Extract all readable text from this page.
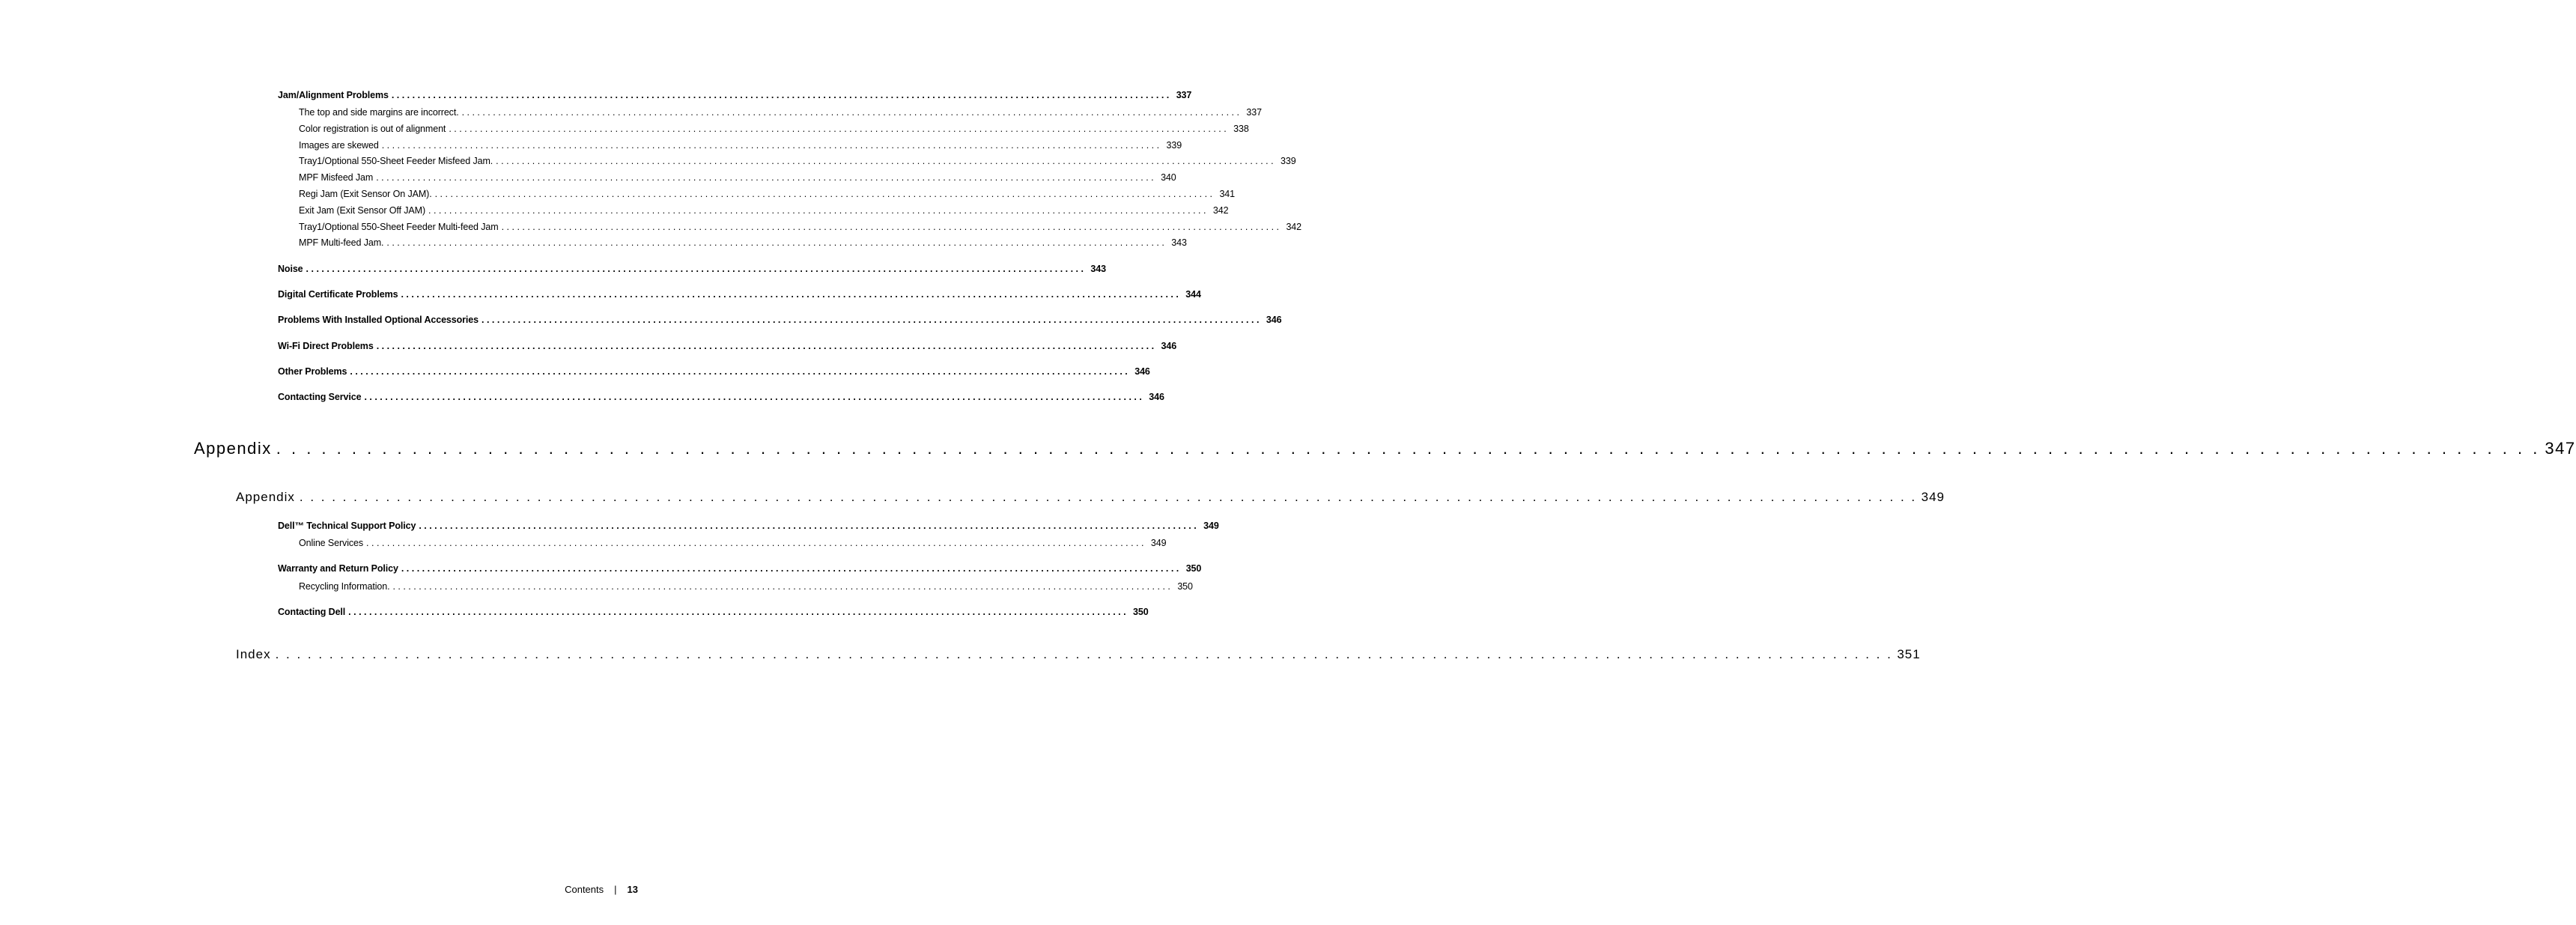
Jam/Alignment Problems . . . . . . . . . . . . . . . . . . . . . . . . . . . . . . . . . . . . . . . . . . . . . . . . . . . . . . . . . . . . . . . . . . . . . . . . . . . . . . . . . . . . . . . . . . . . . . . . . . . . . . . . . . . . . . . . . . . . . . . . . . . . . . . . . . . . . . . . . . . . . . . . . . . . . . 337
The top and side margins are incorrect. . . . . . . . . . . . . . . . . . . . . . . . . . . . . . . . . . . . . . . . . . . . . . . . . . . . . . . . . . . . . . . . . . . . . . . . . . . . . . . . . . . . . . . . . . . . . . . . . . . . . . . . . . . . . . . . . . . . . . . . . . . . . . . . . . . . . . . . . . . . . . . . . . . . . . . 337
Color registration is out of alignment . . . . . . . . . . . . . . . . . . . . . . . . . . . . . . . . . . . . . . . . . . . . . . . . . . . . . . . . . . . . . . . . . . . . . . . . . . . . . . . . . . . . . . . . . . . . . . . . . . . . . . . . . . . . . . . . . . . . . . . . . . . . . . . . . . . . . . . . . . . . . . . . . . . . . . 338
Images are skewed . . . . . . . . . . . . . . . . . . . . . . . . . . . . . . . . . . . . . . . . . . . . . . . . . . . . . . . . . . . . . . . . . . . . . . . . . . . . . . . . . . . . . . . . . . . . . . . . . . . . . . . . . . . . . . . . . . . . . . . . . . . . . . . . . . . . . . . . . . . . . . . . . . . . . . 339
Tray1/Optional 550-Sheet Feeder Misfeed Jam. . . . . . . . . . . . . . . . . . . . . . . . . . . . . . . . . . . . . . . . . . . . . . . . . . . . . . . . . . . . . . . . . . . . . . . . . . . . . . . . . . . . . . . . . . . . . . . . . . . . . . . . . . . . . . . . . . . . . . . . . . . . . . . . . . . . . . . . . . . . . . . . . . . . . . . 339
MPF Misfeed Jam . . . . . . . . . . . . . . . . . . . . . . . . . . . . . . . . . . . . . . . . . . . . . . . . . . . . . . . . . . . . . . . . . . . . . . . . . . . . . . . . . . . . . . . . . . . . . . . . . . . . . . . . . . . . . . . . . . . . . . . . . . . . . . . . . . . . . . . . . . . . . . . . . . . . . . 340
Regi Jam (Exit Sensor On JAM). . . . . . . . . . . . . . . . . . . . . . . . . . . . . . . . . . . . . . . . . . . . . . . . . . . . . . . . . . . . . . . . . . . . . . . . . . . . . . . . . . . . . . . . . . . . . . . . . . . . . . . . . . . . . . . . . . . . . . . . . . . . . . . . . . . . . . . . . . . . . . . . . . . . . . . 341
Exit Jam (Exit Sensor Off JAM) . . . . . . . . . . . . . . . . . . . . . . . . . . . . . . . . . . . . . . . . . . . . . . . . . . . . . . . . . . . . . . . . . . . . . . . . . . . . . . . . . . . . . . . . . . . . . . . . . . . . . . . . . . . . . . . . . . . . . . . . . . . . . . . . . . . . . . . . . . . . . . . . . . . . . . 342
Tray1/Optional 550-Sheet Feeder Multi-feed Jam . . . . . . . . . . . . . . . . . . . . . . . . . . . . . . . . . . . . . . . . . . . . . . . . . . . . . . . . . . . . . . . . . . . . . . . . . . . . . . . . . . . . . . . . . . . . . . . . . . . . . . . . . . . . . . . . . . . . . . . . . . . . . . . . . . . . . . . . . . . . . . . . . . . . . . 342
MPF Multi-feed Jam. . . . . . . . . . . . . . . . . . . . . . . . . . . . . . . . . . . . . . . . . . . . . . . . . . . . . . . . . . . . . . . . . . . . . . . . . . . . . . . . . . . . . . . . . . . . . . . . . . . . . . . . . . . . . . . . . . . . . . . . . . . . . . . . . . . . . . . . . . . . . . . . . . . . . . . 343
Noise . . . . . . . . . . . . . . . . . . . . . . . . . . . . . . . . . . . . . . . . . . . . . . . . . . . . . . . . . . . . . . . . . . . . . . . . . . . . . . . . . . . . . . . . . . . . . . . . . . . . . . . . . . . . . . . . . . . . . . . . . . . . . . . . . . . . . . . . . . . . . . . . . . . . . . 343
Digital Certificate Problems . . . . . . . . . . . . . . . . . . . . . . . . . . . . . . . . . . . . . . . . . . . . . . . . . . . . . . . . . . . . . . . . . . . . . . . . . . . . . . . . . . . . . . . . . . . . . . . . . . . . . . . . . . . . . . . . . . . . . . . . . . . . . . . . . . . . . . . . . . . . . . . . . . . . . . 344
Problems With Installed Optional Accessories . . . . . . . . . . . . . . . . . . . . . . . . . . . . . . . . . . . . . . . . . . . . . . . . . . . . . . . . . . . . . . . . . . . . . . . . . . . . . . . . . . . . . . . . . . . . . . . . . . . . . . . . . . . . . . . . . . . . . . . . . . . . . . . . . . . . . . . . . . . . . . . . . . . . . . 346
Wi-Fi Direct Problems . . . . . . . . . . . . . . . . . . . . . . . . . . . . . . . . . . . . . . . . . . . . . . . . . . . . . . . . . . . . . . . . . . . . . . . . . . . . . . . . . . . . . . . . . . . . . . . . . . . . . . . . . . . . . . . . . . . . . . . . . . . . . . . . . . . . . . . . . . . . . . . . . . . . . . 346
Other Problems . . . . . . . . . . . . . . . . . . . . . . . . . . . . . . . . . . . . . . . . . . . . . . . . . . . . . . . . . . . . . . . . . . . . . . . . . . . . . . . . . . . . . . . . . . . . . . . . . . . . . . . . . . . . . . . . . . . . . . . . . . . . . . . . . . . . . . . . . . . . . . . . . . . . . . 346
Contacting Service . . . . . . . . . . . . . . . . . . . . . . . . . . . . . . . . . . . . . . . . . . . . . . . . . . . . . . . . . . . . . . . . . . . . . . . . . . . . . . . . . . . . . . . . . . . . . . . . . . . . . . . . . . . . . . . . . . . . . . . . . . . . . . . . . . . . . . . . . . . . . . . . . . . . . . 346
Appendix . . . . . . . . . . . . . . . . . . . . . . . . . . . . . . . . . . . . . . . . . . . . . . . . . . . . . . . . . . . . . . . . . . . . . . . . . . . . . . . . . . . . . . . . . . . . . . . . . . . . . . . . . . . . . . . . . . . . . . . . . . . . . . . . . . . . . . . . . . . . . . . . . . . . . . 347
Appendix . . . . . . . . . . . . . . . . . . . . . . . . . . . . . . . . . . . . . . . . . . . . . . . . . . . . . . . . . . . . . . . . . . . . . . . . . . . . . . . . . . . . . . . . . . . . . . . . . . . . . . . . . . . . . . . . . . . . . . . . . . . . . . . . . . . . . . . . . . . . . . . . . . . . . . 349
Dell™ Technical Support Policy . . . . . . . . . . . . . . . . . . . . . . . . . . . . . . . . . . . . . . . . . . . . . . . . . . . . . . . . . . . . . . . . . . . . . . . . . . . . . . . . . . . . . . . . . . . . . . . . . . . . . . . . . . . . . . . . . . . . . . . . . . . . . . . . . . . . . . . . . . . . . . . . . . . . . . 349
Online Services . . . . . . . . . . . . . . . . . . . . . . . . . . . . . . . . . . . . . . . . . . . . . . . . . . . . . . . . . . . . . . . . . . . . . . . . . . . . . . . . . . . . . . . . . . . . . . . . . . . . . . . . . . . . . . . . . . . . . . . . . . . . . . . . . . . . . . . . . . . . . . . . . . . . . . 349
Warranty and Return Policy . . . . . . . . . . . . . . . . . . . . . . . . . . . . . . . . . . . . . . . . . . . . . . . . . . . . . . . . . . . . . . . . . . . . . . . . . . . . . . . . . . . . . . . . . . . . . . . . . . . . . . . . . . . . . . . . . . . . . . . . . . . . . . . . . . . . . . . . . . . . . . . . . . . . . . 350
Recycling Information. . . . . . . . . . . . . . . . . . . . . . . . . . . . . . . . . . . . . . . . . . . . . . . . . . . . . . . . . . . . . . . . . . . . . . . . . . . . . . . . . . . . . . . . . . . . . . . . . . . . . . . . . . . . . . . . . . . . . . . . . . . . . . . . . . . . . . . . . . . . . . . . . . . . . . . 350
Contacting Dell . . . . . . . . . . . . . . . . . . . . . . . . . . . . . . . . . . . . . . . . . . . . . . . . . . . . . . . . . . . . . . . . . . . . . . . . . . . . . . . . . . . . . . . . . . . . . . . . . . . . . . . . . . . . . . . . . . . . . . . . . . . . . . . . . . . . . . . . . . . . . . . . . . . . . . 350
Index . . . . . . . . . . . . . . . . . . . . . . . . . . . . . . . . . . . . . . . . . . . . . . . . . . . . . . . . . . . . . . . . . . . . . . . . . . . . . . . . . . . . . . . . . . . . . . . . . . . . . . . . . . . . . . . . . . . . . . . . . . . . . . . . . . . . . . . . . . . . . . . . . . . . . . 351
Contents | 13
